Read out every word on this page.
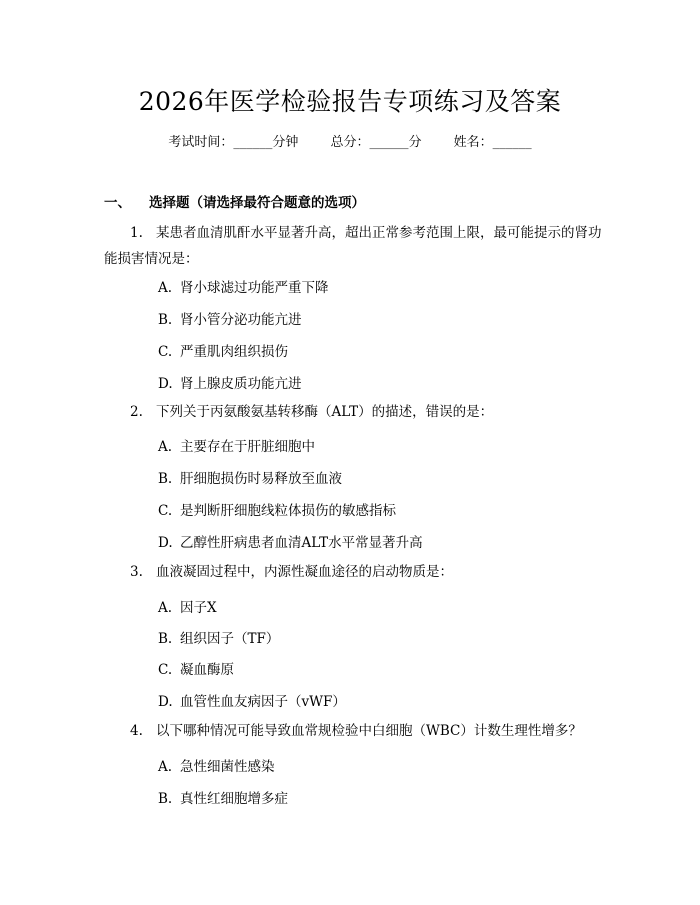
2026年医学检验报告专项练习及答案
考试时间：______分钟 总分：______分 姓名：______
一、 选择题（请选择最符合题意的选项）
1. 某患者血清肌酐水平显著升高，超出正常参考范围上限，最可能提示的肾功能损害情况是：
A. 肾小球滤过功能严重下降
B. 肾小管分泌功能亢进
C. 严重肌肉组织损伤
D. 肾上腺皮质功能亢进
2. 下列关于丙氨酸氨基转移酶（ALT）的描述，错误的是：
A. 主要存在于肝脏细胞中
B. 肝细胞损伤时易释放至血液
C. 是判断肝细胞线粒体损伤的敏感指标
D. 乙醇性肝病患者血清ALT水平常显著升高
3. 血液凝固过程中，内源性凝血途径的启动物质是：
A. 因子X
B. 组织因子（TF）
C. 凝血酶原
D. 血管性血友病因子（vWF）
4. 以下哪种情况可能导致血常规检验中白细胞（WBC）计数生理性增多？
A. 急性细菌性感染
B. 真性红细胞增多症
